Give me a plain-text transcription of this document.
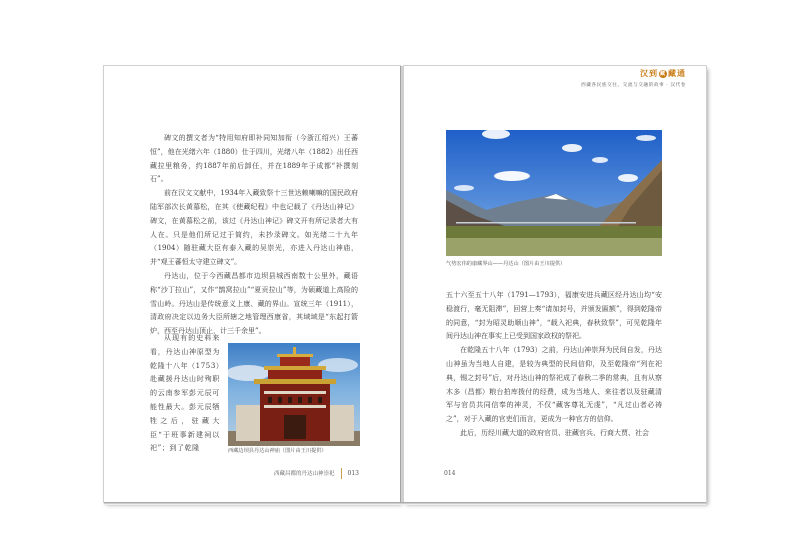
碑文的撰文者为“特用知府即补同知加衔（今浙江绍兴）王蕃恒”，他在光绪六年（1880）仕于四川，光绪八年（1882）出任西藏拉里粮务，约1887年前后卸任，并在1889年于成都“补撰刻石”。

前在汉文文献中，1934年入藏致祭十三世达赖喇嘛的国民政府陆军部次长黄慕松，在其《使藏纪程》中也记载了《丹达山神记》碑文，在黄慕松之前，该过《丹达山神记》碑文开有所记录者大有人在。只是他们所记过于简约，未抄录碑文。如光绪二十九年（1904）随驻藏大臣有泰入藏的吴崇光，亦进入丹达山神庙，并“观王蕃恒太守建立碑文”。

丹达山，位于今西藏昌都市边坝县城西南数十公里外，藏语称“沙丁拉山”，又作“鹊窝拉山”“夏贡拉山”等，为硕藏道上高险的雪山岭。丹达山是传统意义上康、藏的界山。宣统三年（1911），清政府决定以边务大臣所辖之地管理西康省，其域域是“东起打箭炉，西至丹达山顶止，计三千余里”。

从现有的史料来看，丹达山神原型为乾隆十八年（1753）赴藏援丹达山时殉职的云南参军彭元辰可能性最大。彭元辰牺牲之后，驻藏大臣“于班事新建祠以祀”；到了乾隆	西藏边坝县丹达山神庙（图片由王川提供）
西藏昌都的丹达山神崇祀 013
汉到 藏 藏通
西藏各民族交往、交流与交融的故事 · 汉代卷
气势宏伟的康藏界山——丹达山（图片由王川提供）

五十六至五十八年（1791—1793），福康安进兵藏区经丹达山均“安稳渡行，毫无阻滞”，回营上奏“请加封号，并颁发匾额”，得到乾隆帝的同意，“封为昭灵助顺山神”，“载入祀典，春秋致祭”，可见乾隆年间丹达山神在事实上已受到国家政权的祭祀。

在乾隆五十八年（1793）之前，丹达山神崇拜为民间自发，丹达山神虽为当地人自建，是较为典型的民间信仰，及至乾隆帝“列在祀典，锡之封号”后，对丹达山神的祭祀成了春秋二季的常典，且有从察木多（昌都）粮台拍库拨付的经费，成为当地人、来往者以及驻藏清军与官员共同信奉的神灵，不仅“藏客尊礼无虔”，“凡过山者必祷之”，对于入藏的官吏们而言，更成为一种官方的信仰。

此后，历经川藏大道的政府官员、驻藏官兵、行商大贾、社会

014
